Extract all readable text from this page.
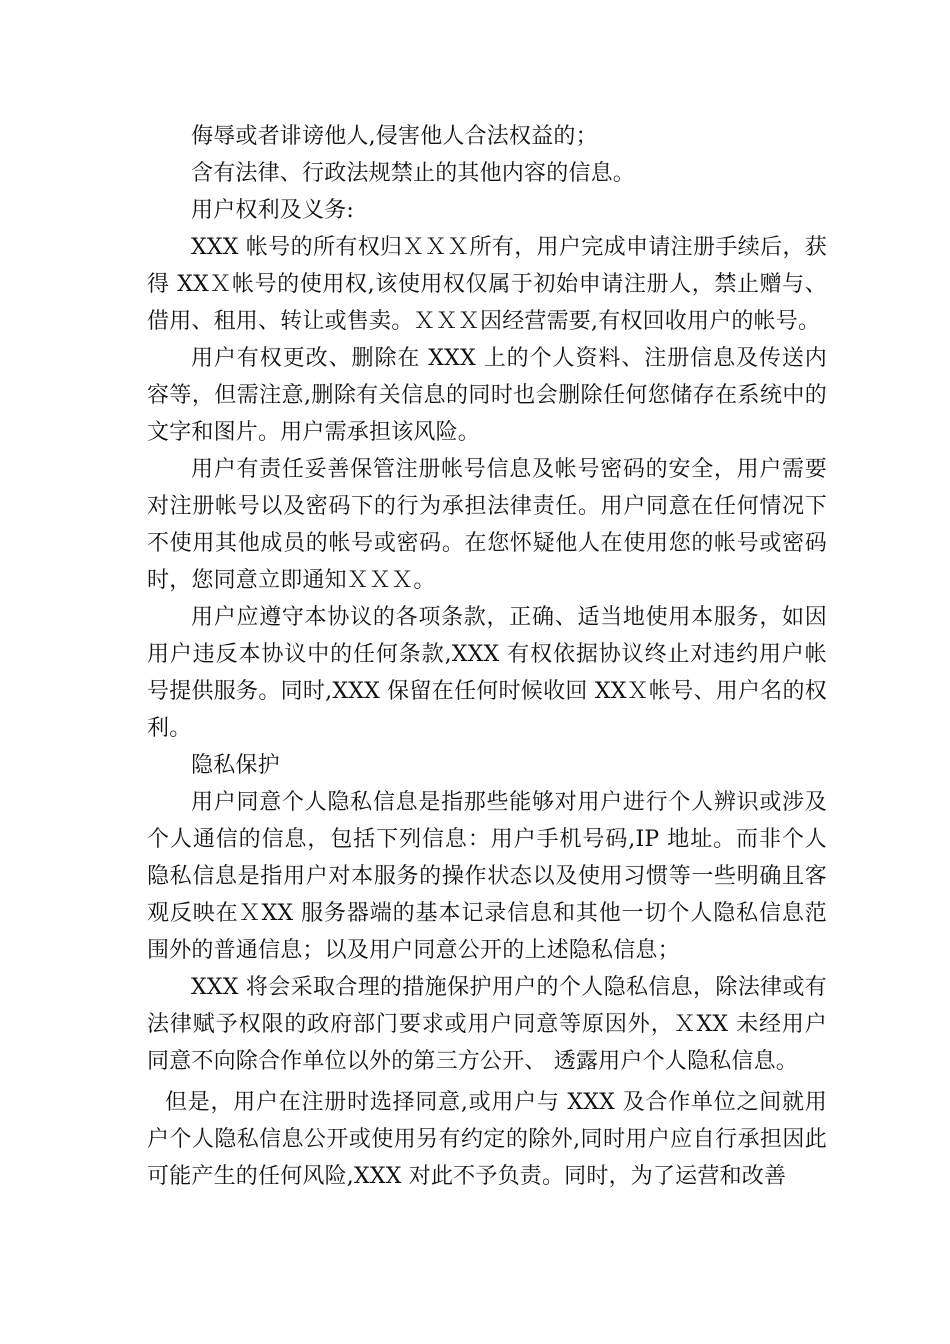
侮辱或者诽谤他人,侵害他人合法权益的；

含有法律、行政法规禁止的其他内容的信息。

用户权利及义务:

XXX 帐号的所有权归ＸＸＸ所有，用户完成申请注册手续后，获得 XXＸ帐号的使用权,该使用权仅属于初始申请注册人，禁止赠与、借用、租用、转让或售卖。ＸＸＸ因经营需要,有权回收用户的帐号。

用户有权更改、删除在 XXX 上的个人资料、注册信息及传送内容等，但需注意,删除有关信息的同时也会删除任何您储存在系统中的文字和图片。用户需承担该风险。

用户有责任妥善保管注册帐号信息及帐号密码的安全，用户需要对注册帐号以及密码下的行为承担法律责任。用户同意在任何情况下不使用其他成员的帐号或密码。在您怀疑他人在使用您的帐号或密码时，您同意立即通知ＸＸＸ。

用户应遵守本协议的各项条款，正确、适当地使用本服务，如因用户违反本协议中的任何条款,XXX 有权依据协议终止对违约用户帐号提供服务。同时,XXX 保留在任何时候收回 XXＸ帐号、用户名的权利。

隐私保护

用户同意个人隐私信息是指那些能够对用户进行个人辨识或涉及个人通信的信息，包括下列信息：用户手机号码,IP 地址。而非个人隐私信息是指用户对本服务的操作状态以及使用习惯等一些明确且客观反映在ＸXX 服务器端的基本记录信息和其他一切个人隐私信息范围外的普通信息；以及用户同意公开的上述隐私信息；

XXX 将会采取合理的措施保护用户的个人隐私信息，除法律或有法律赋予权限的政府部门要求或用户同意等原因外，ＸXX 未经用户同意不向除合作单位以外的第三方公开、 透露用户个人隐私信息。

但是，用户在注册时选择同意,或用户与 XXX 及合作单位之间就用户个人隐私信息公开或使用另有约定的除外,同时用户应自行承担因此可能产生的任何风险,XXX 对此不予负责。同时，为了运营和改善
